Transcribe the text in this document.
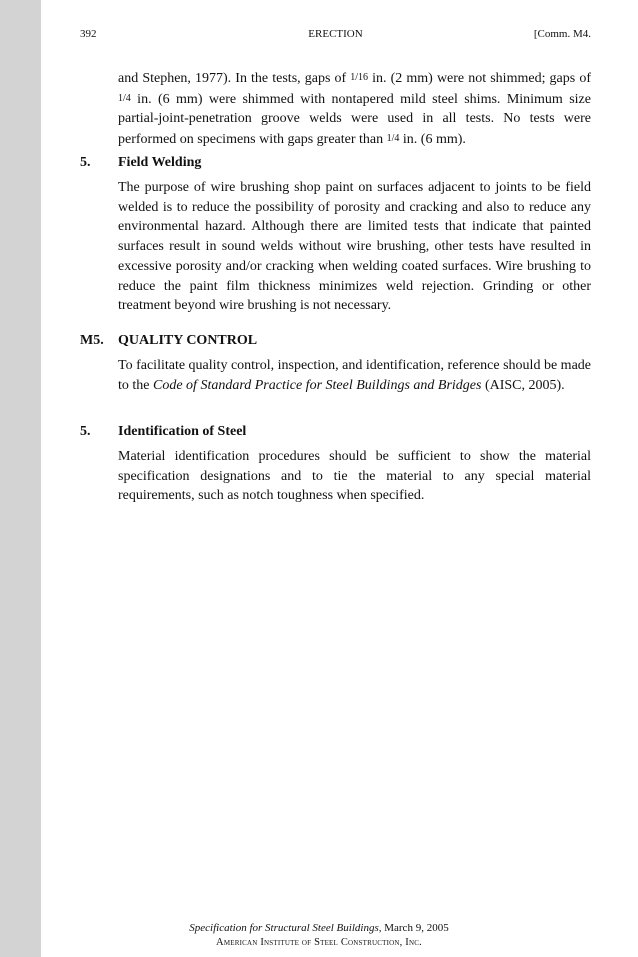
392	ERECTION	[Comm. M4.

and Stephen, 1977). In the tests, gaps of 1/16 in. (2 mm) were not shimmed; gaps of 1/4 in. (6 mm) were shimmed with nontapered mild steel shims. Minimum size partial-joint-penetration groove welds were used in all tests. No tests were performed on specimens with gaps greater than 1/4 in. (6 mm).

5. Field Welding

The purpose of wire brushing shop paint on surfaces adjacent to joints to be field welded is to reduce the possibility of porosity and cracking and also to reduce any environmental hazard. Although there are limited tests that indicate that painted surfaces result in sound welds without wire brushing, other tests have resulted in excessive porosity and/or cracking when welding coated surfaces. Wire brushing to reduce the paint film thickness minimizes weld rejection. Grinding or other treatment beyond wire brushing is not necessary.

M5. QUALITY CONTROL

To facilitate quality control, inspection, and identification, reference should be made to the Code of Standard Practice for Steel Buildings and Bridges (AISC, 2005).

5. Identification of Steel

Material identification procedures should be sufficient to show the material specification designations and to tie the material to any special material requirements, such as notch toughness when specified.

Specification for Structural Steel Buildings, March 9, 2005
American Institute of Steel Construction, Inc.
